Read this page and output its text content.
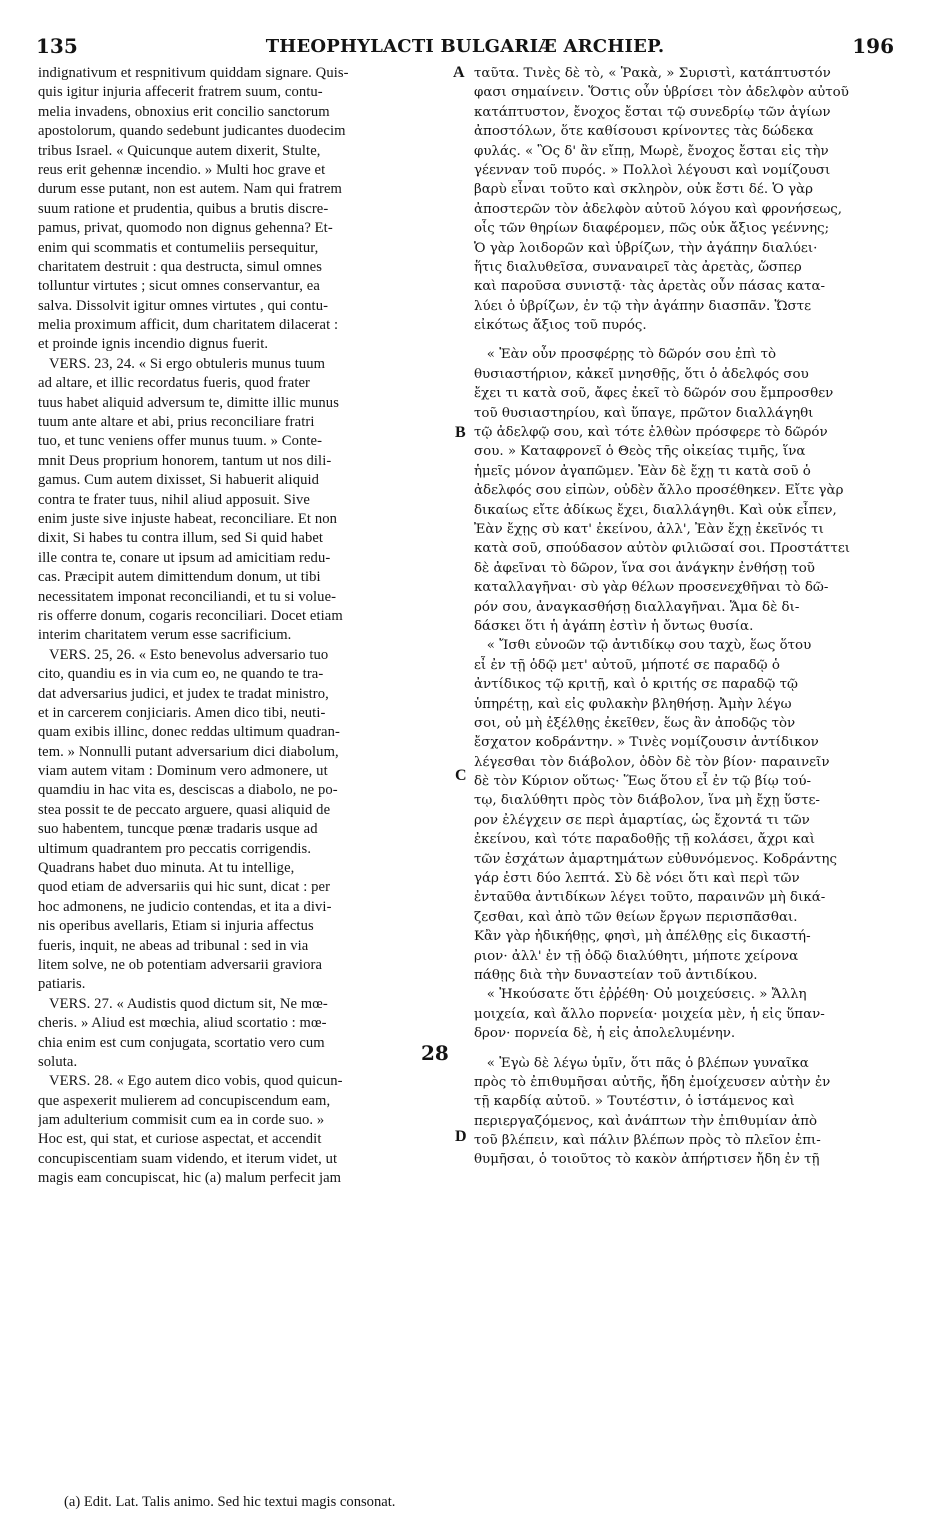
135	THEOPHYLACTI BULGARIÆ ARCHIEP.	196
indignativum et respnitivum quiddam signare. Quis-
quis igitur injuria affecerit fratrem suum, contu-
melia invadens, obnoxius erit concilio sanctorum
apostolorum, quando sedebunt judicantes duodecim
tribus Israel. « Quicunque autem dixerit, Stulte,
reus erit gehennæ incendio. » Multi hoc grave et
durum esse putant, non est autem. Nam qui fratrem
suum ratione et prudentia, quibus a brutis discre-
pamus, privat, quomodo non dignus gehenna? Et-
enim qui scommatis et contumeliis persequitur,
charitatem destruit : qua destructa, simul omnes
tolluntur virtutes ; sicut omnes conservantur, ea
salva. Dissolvit igitur omnes virtutes , qui contu-
melia proximum afficit, dum charitatem dilacerat :
et proinde ignis incendio dignus fuerit.
VERS. 23, 24. « Si ergo obtuleris munus tuum
ad altare, et illic recordatus fueris, quod frater
tuus habet aliquid adversum te, dimitte illic munus
tuum ante altare et abi, prius reconciliare fratri
tuo, et tunc veniens offer munus tuum. » Conte-
mnit Deus proprium honorem, tantum ut nos dili-
gamus. Cum autem dixisset, Si habuerit aliquid
contra te frater tuus, nihil aliud apposuit. Sive
enim juste sive injuste habeat, reconciliare. Et non
dixit, Si habes tu contra illum, sed Si quid habet
ille contra te, conare ut ipsum ad amicitiam redu-
cas. Præcipit autem dimittendum donum, ut tibi
necessitatem imponat reconciliandi, et tu si volue-
ris offerre donum, cogaris reconciliari. Docet etiam
interim charitatem verum esse sacrificium.
VERS. 25, 26. « Esto benevolus adversario tuo
cito, quandiu es in via cum eo, ne quando te tra-
dat adversarius judici, et judex te tradat ministro,
et in carcerem conjiciaris. Amen dico tibi, neuti-
quam exibis illinc, donec reddas ultimum quadran-
tem. » Nonnulli putant adversarium dici diabolum,
viam autem vitam : Dominum vero admonere, ut
quamdiu in hac vita es, desciscas a diabolo, ne po-
stea possit te de peccato arguere, quasi aliquid de
suo habentem, tuncque pœnæ tradaris usque ad
ultimum quadrantem pro peccatis corrigendis.
Quadrans habet duo minuta. At tu intellige,
quod etiam de adversariis qui hic sunt, dicat : per
hoc admonens, ne judicio contendas, et ita a divi-
nis operibus avellaris, Etiam si injuria affectus
fueris, inquit, ne abeas ad tribunal : sed in via
litem solve, ne ob potentiam adversarii graviora
patiaris.
VERS. 27. « Audistis quod dictum sit, Ne mœ-
cheris. » Aliud est mœchia, aliud scortatio : mœ-
chia enim est cum conjugata, scortatio vero cum
soluta.
VERS. 28. « Ego autem dico vobis, quod quicun-
que aspexerit mulierem ad concupiscendum eam,
jam adulterium commisit cum ea in corde suo. »
Hoc est, qui stat, et curiose aspectat, et accendit
concupiscentiam suam videndo, et iterum videt, ut
magis eam concupiscat, hic (a) malum perfecit jam
ταῦτα. Τινὲς δὲ τὸ, « Ῥακὰ, » Συριστὶ, κατάπτυστόν
φασι σημαίνειν. Ὅστις οὖν ὑβρίσει τὸν ἀδελφὸν αὐτοῦ
κατάπτυστον, ἔνοχος ἔσται τῷ συνεδρίῳ τῶν ἁγίων
ἀποστόλων, ὅτε καθίσουσι κρίνοντες τὰς δώδεκα
φυλάς. « Ὃς δ' ἂν εἴπῃ, Μωρὲ, ἔνοχος ἔσται εἰς τὴν
γέενναν τοῦ πυρός. » Πολλοὶ λέγουσι καὶ νομίζουσι
βαρὺ εἶναι τοῦτο καὶ σκληρὸν, οὐκ ἔστι δέ. Ὁ γὰρ
ἀποστερῶν τὸν ἀδελφὸν αὐτοῦ λόγου καὶ φρονήσεως,
οἷς τῶν θηρίων διαφέρομεν, πῶς οὐκ ἄξιος γεέννης;
Ὁ γὰρ λοιδορῶν καὶ ὑβρίζων, τὴν ἀγάπην διαλύει·
ἥτις διαλυθεῖσα, συναναιρεῖ τὰς ἀρετὰς, ὥσπερ
καὶ παροῦσα συνιστᾷ· τὰς ἀρετὰς οὖν πάσας κατα-
λύει ὁ ὑβρίζων, ἐν τῷ τὴν ἀγάπην διασπᾶν. Ὥστε
εἰκότως ἄξιος τοῦ πυρός.
« Ἐὰν οὖν προσφέρῃς τὸ δῶρόν σου ἐπὶ τὸ
θυσιαστήριον, κἀκεῖ μνησθῇς, ὅτι ὁ ἀδελφός σου
ἔχει τι κατὰ σοῦ, ἄφες ἐκεῖ τὸ δῶρόν σου ἔμπροσθεν
τοῦ θυσιαστηρίου, καὶ ὕπαγε, πρῶτον διαλλάγηθι
τῷ ἀδελφῷ σου, καὶ τότε ἐλθὼν πρόσφερε τὸ δῶρόν
σου. » Καταφρονεῖ ὁ Θεὸς τῆς οἰκείας τιμῆς, ἵνα
ἡμεῖς μόνον ἀγαπῶμεν. Ἐὰν δὲ ἔχῃ τι κατὰ σοῦ ὁ
ἀδελφός σου εἰπὼν, οὐδὲν ἄλλο προσέθηκεν. Εἴτε γὰρ
δικαίως εἴτε ἀδίκως ἔχει, διαλλάγηθι. Καὶ οὐκ εἶπεν,
Ἐὰν ἔχῃς σὺ κατ' ἐκείνου, ἀλλ', Ἐὰν ἔχῃ ἐκεῖνός τι
κατὰ σοῦ, σπούδασον αὐτὸν φιλιῶσαί σοι. Προστάττει
δὲ ἀφεῖναι τὸ δῶρον, ἵνα σοι ἀνάγκην ἐνθήσῃ τοῦ
καταλλαγῆναι· σὺ γὰρ θέλων προσενεχθῆναι τὸ δῶ-
ρόν σου, ἀναγκασθήσῃ διαλλαγῆναι. Ἅμα δὲ δι-
δάσκει ὅτι ἡ ἀγάπη ἐστὶν ἡ ὄντως θυσία.
« Ἴσθι εὐνοῶν τῷ ἀντιδίκῳ σου ταχὺ, ἕως ὅτου
εἶ ἐν τῇ ὁδῷ μετ' αὐτοῦ, μήποτέ σε παραδῷ ὁ
ἀντίδικος τῷ κριτῇ, καὶ ὁ κριτής σε παραδῷ τῷ
ὑπηρέτῃ, καὶ εἰς φυλακὴν βληθήσῃ. Ἀμὴν λέγω
σοι, οὐ μὴ ἐξέλθῃς ἐκεῖθεν, ἕως ἂν ἀποδῷς τὸν
ἔσχατον κοδράντην. » Τινὲς νομίζουσιν ἀντίδικον
λέγεσθαι τὸν διάβολον, ὁδὸν δὲ τὸν βίον· παραινεῖν
δὲ τὸν Κύριον οὕτως· Ἕως ὅτου εἶ ἐν τῷ βίῳ τού-
τῳ, διαλύθητι πρὸς τὸν διάβολον, ἵνα μὴ ἔχῃ ὕστε-
ρον ἐλέγχειν σε περὶ ἁμαρτίας, ὡς ἔχοντά τι τῶν
ἐκείνου, καὶ τότε παραδοθῇς τῇ κολάσει, ἄχρι καὶ
τῶν ἐσχάτων ἁμαρτημάτων εὐθυνόμενος. Κοδράντης
γάρ ἐστι δύο λεπτά. Σὺ δὲ νόει ὅτι καὶ περὶ τῶν
ἐνταῦθα ἀντιδίκων λέγει τοῦτο, παραινῶν μὴ δικά-
ζεσθαι, καὶ ἀπὸ τῶν θείων ἔργων περισπᾶσθαι.
Κἂν γὰρ ἠδικήθῃς, φησὶ, μὴ ἀπέλθῃς εἰς δικαστή-
ριον· ἀλλ' ἐν τῇ ὁδῷ διαλύθητι, μήποτε χείρονα
πάθῃς διὰ τὴν δυναστείαν τοῦ ἀντιδίκου.
« Ἠκούσατε ὅτι ἐῤῥέθη· Οὐ μοιχεύσεις. » Ἄλλη
μοιχεία, καὶ ἄλλο πορνεία· μοιχεία μὲν, ἡ εἰς ὕπαν-
δρον· πορνεία δὲ, ἡ εἰς ἀπολελυμένην.
« Ἐγὼ δὲ λέγω ὑμῖν, ὅτι πᾶς ὁ βλέπων γυναῖκα
πρὸς τὸ ἐπιθυμῆσαι αὐτῆς, ἤδη ἐμοίχευσεν αὐτὴν ἐν
τῇ καρδίᾳ αὐτοῦ. » Τουτέστιν, ὁ ἱστάμενος καὶ
περιεργαζόμενος, καὶ ἀνάπτων τὴν ἐπιθυμίαν ἀπὸ
τοῦ βλέπειν, καὶ πάλιν βλέπων πρὸς τὸ πλεῖον ἐπι-
θυμῆσαι, ὁ τοιοῦτος τὸ κακὸν ἀπήρτισεν ἤδη ἐν τῇ
A
B
C
D
28
(a) Edit. Lat. Talis animo. Sed hic textui magis consonat.
